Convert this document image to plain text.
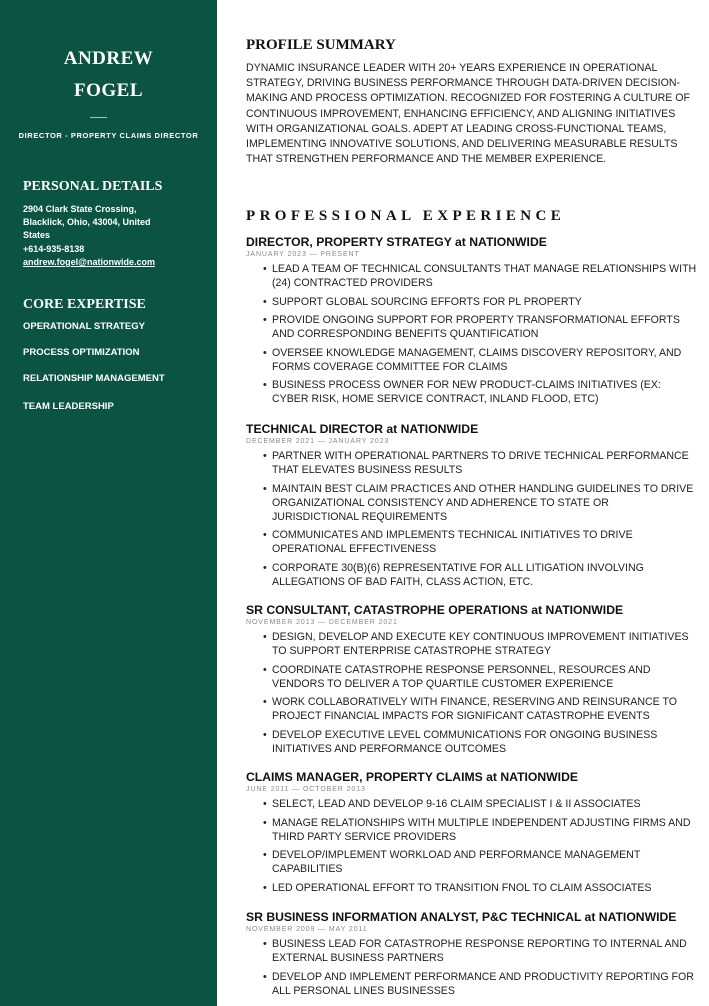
ANDREW
FOGEL
DIRECTOR - PROPERTY CLAIMS DIRECTOR
PERSONAL DETAILS
2904 Clark State Crossing, Blacklick, Ohio, 43004, United States
+614-935-8138
andrew.fogel@nationwide.com
CORE EXPERTISE
OPERATIONAL STRATEGY
PROCESS OPTIMIZATION
RELATIONSHIP MANAGEMENT
TEAM LEADERSHIP
PROFILE SUMMARY
DYNAMIC INSURANCE LEADER WITH 20+ YEARS EXPERIENCE IN OPERATIONAL STRATEGY, DRIVING BUSINESS PERFORMANCE THROUGH DATA-DRIVEN DECISION-MAKING AND PROCESS OPTIMIZATION. RECOGNIZED FOR FOSTERING A CULTURE OF CONTINUOUS IMPROVEMENT, ENHANCING EFFICIENCY, AND ALIGNING INITIATIVES WITH ORGANIZATIONAL GOALS. ADEPT AT LEADING CROSS-FUNCTIONAL TEAMS, IMPLEMENTING INNOVATIVE SOLUTIONS, AND DELIVERING MEASURABLE RESULTS THAT STRENGTHEN PERFORMANCE AND THE MEMBER EXPERIENCE.
PROFESSIONAL EXPERIENCE
DIRECTOR, PROPERTY STRATEGY at NATIONWIDE
JANUARY 2023 — PRESENT
• LEAD A TEAM OF TECHNICAL CONSULTANTS THAT MANAGE RELATIONSHIPS WITH (24) CONTRACTED PROVIDERS
• SUPPORT GLOBAL SOURCING EFFORTS FOR PL PROPERTY
• PROVIDE ONGOING SUPPORT FOR PROPERTY TRANSFORMATIONAL EFFORTS AND CORRESPONDING BENEFITS QUANTIFICATION
• OVERSEE KNOWLEDGE MANAGEMENT, CLAIMS DISCOVERY REPOSITORY, AND FORMS COVERAGE COMMITTEE FOR CLAIMS
• BUSINESS PROCESS OWNER FOR NEW PRODUCT-CLAIMS INITIATIVES (EX: CYBER RISK, HOME SERVICE CONTRACT, INLAND FLOOD, ETC)
TECHNICAL DIRECTOR at NATIONWIDE
DECEMBER 2021 — JANUARY 2023
• PARTNER WITH OPERATIONAL PARTNERS TO DRIVE TECHNICAL PERFORMANCE THAT ELEVATES BUSINESS RESULTS
• MAINTAIN BEST CLAIM PRACTICES AND OTHER HANDLING GUIDELINES TO DRIVE ORGANIZATIONAL CONSISTENCY AND ADHERENCE TO STATE OR JURISDICTIONAL REQUIREMENTS
• COMMUNICATES AND IMPLEMENTS TECHNICAL INITIATIVES TO DRIVE OPERATIONAL EFFECTIVENESS
• CORPORATE 30(B)(6) REPRESENTATIVE FOR ALL LITIGATION INVOLVING ALLEGATIONS OF BAD FAITH, CLASS ACTION, ETC.
SR CONSULTANT, CATASTROPHE OPERATIONS at NATIONWIDE
NOVEMBER 2013 — DECEMBER 2021
• DESIGN, DEVELOP AND EXECUTE KEY CONTINUOUS IMPROVEMENT INITIATIVES TO SUPPORT ENTERPRISE CATASTROPHE STRATEGY
• COORDINATE CATASTROPHE RESPONSE PERSONNEL, RESOURCES AND VENDORS TO DELIVER A TOP QUARTILE CUSTOMER EXPERIENCE
• WORK COLLABORATIVELY WITH FINANCE, RESERVING AND REINSURANCE TO PROJECT FINANCIAL IMPACTS FOR SIGNIFICANT CATASTROPHE EVENTS
• DEVELOP EXECUTIVE LEVEL COMMUNICATIONS FOR ONGOING BUSINESS INITIATIVES AND PERFORMANCE OUTCOMES
CLAIMS MANAGER, PROPERTY CLAIMS at NATIONWIDE
JUNE 2011 — OCTOBER 2013
• SELECT, LEAD AND DEVELOP 9-16 CLAIM SPECIALIST I & II ASSOCIATES
• MANAGE RELATIONSHIPS WITH MULTIPLE INDEPENDENT ADJUSTING FIRMS AND THIRD PARTY SERVICE PROVIDERS
• DEVELOP/IMPLEMENT WORKLOAD AND PERFORMANCE MANAGEMENT CAPABILITIES
• LED OPERATIONAL EFFORT TO TRANSITION FNOL TO CLAIM ASSOCIATES
SR BUSINESS INFORMATION ANALYST, P&C TECHNICAL at NATIONWIDE
NOVEMBER 2009 — MAY 2011
• BUSINESS LEAD FOR CATASTROPHE RESPONSE REPORTING TO INTERNAL AND EXTERNAL BUSINESS PARTNERS
• DEVELOP AND IMPLEMENT PERFORMANCE AND PRODUCTIVITY REPORTING FOR ALL PERSONAL LINES BUSINESSES
